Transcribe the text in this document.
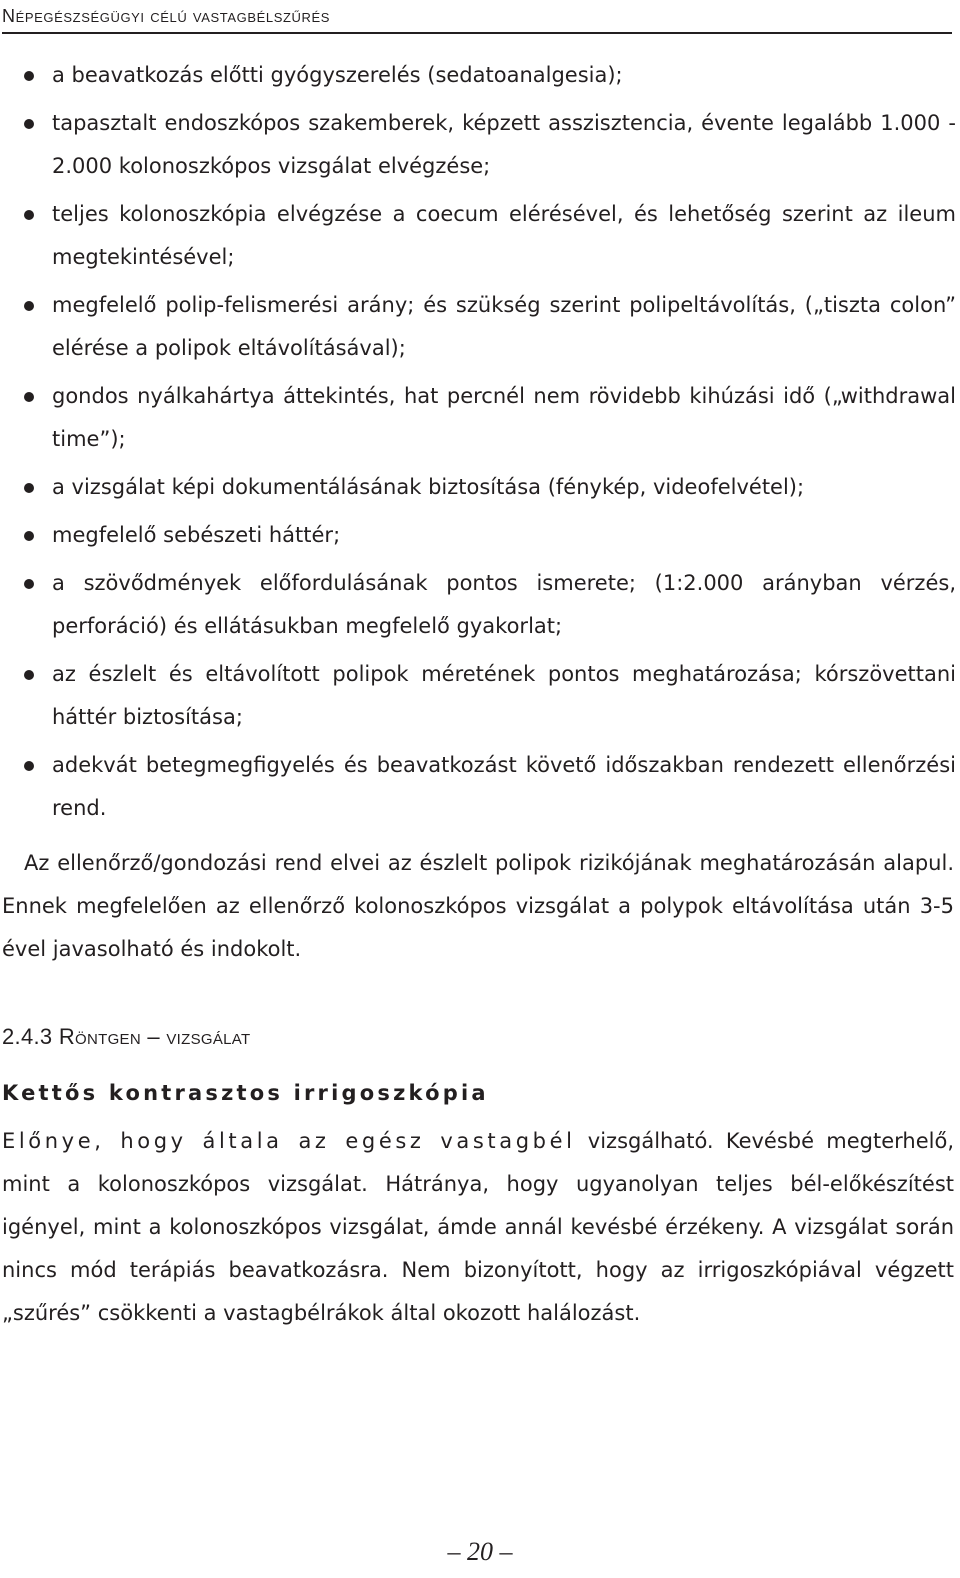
Népegészségügyi célú vastagbélszűrés
a beavatkozás előtti gyógyszerelés (sedatoanalgesia);
tapasztalt endoszkópos szakemberek, képzett asszisztencia, évente legalább 1.000 - 2.000 kolonoszkópos vizsgálat elvégzése;
teljes kolonoszkópia elvégzése a coecum elérésével, és lehetőség szerint az ileum megtekintésével;
megfelelő polip-felismerési arány; és szükség szerint polipeltávolítás, („tiszta colon” elérése a polipok eltávolításával);
gondos nyálkahártya áttekintés, hat percnél nem rövidebb kihúzási idő („withdrawal time”);
a vizsgálat képi dokumentálásának biztosítása (fénykép, videofelvétel);
megfelelő sebészeti háttér;
a szövődmények előfordulásának pontos ismerete; (1:2.000 arányban vérzés, perforáció) és ellátásukban megfelelő gyakorlat;
az észlelt és eltávolított polipok méretének pontos meghatározása; kórszövettani háttér biztosítása;
adekvát betegmegfigyelés és beavatkozást követő időszakban rendezett ellenőrzési rend.

Az ellenőrző/gondozási rend elvei az észlelt polipok rizikójának meghatározásán alapul. Ennek megfelelően az ellenőrző kolonoszkópos vizsgálat a polypok eltávolítása után 3-5 ével javasolható és indokolt.

2.4.3 Röntgen – vizsgálat
Kettős kontrasztos irrigoszkópia

Előnye, hogy általa az egész vastagbél vizsgálható. Kevésbé megterhelő, mint a kolonoszkópos vizsgálat. Hátránya, hogy ugyanolyan teljes bél-előkészítést igényel, mint a kolonoszkópos vizsgálat, ámde annál kevésbé érzékeny. A vizsgálat során nincs mód terápiás beavatkozásra. Nem bizonyított, hogy az irrigoszkópiával végzett „szűrés” csökkenti a vastagbélrákok által okozott halálozást.

– 20 –
